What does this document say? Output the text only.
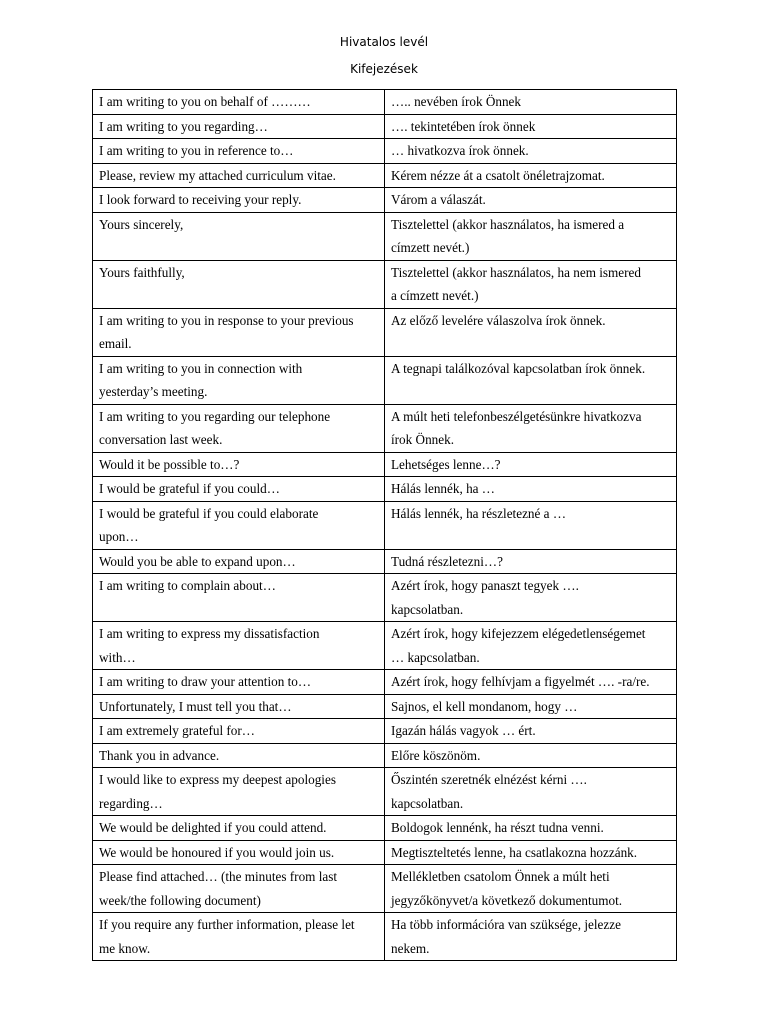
Hivatalos levél
Kifejezések
I am writing to you on behalf of ………	….. nevében írok Önnek
I am writing to you regarding…	…. tekintetében írok önnek
I am writing to you in reference to…	… hivatkozva írok önnek.
Please, review my attached curriculum vitae.	Kérem nézze át a csatolt önéletrajzomat.
I look forward to receiving your reply.	Várom a válaszát.
Yours sincerely,	Tisztelettel (akkor használatos, ha ismered a
címzett nevét.)
Yours faithfully,	Tisztelettel (akkor használatos, ha nem ismered
a címzett nevét.)
I am writing to you in response to your previous
email.	Az előző levelére válaszolva írok önnek.
I am writing to you in connection with
yesterday’s meeting.	A tegnapi találkozóval kapcsolatban írok önnek.
I am writing to you regarding our telephone
conversation last week.	A múlt heti telefonbeszélgetésünkre hivatkozva
írok Önnek.
Would it be possible to…?	Lehetséges lenne…?
I would be grateful if you could…	Hálás lennék, ha …
I would be grateful if you could elaborate
upon…	Hálás lennék, ha részletezné a …
Would you be able to expand upon…	Tudná részletezni…?
I am writing to complain about…	Azért írok, hogy panaszt tegyek ….
kapcsolatban.
I am writing to express my dissatisfaction
with…	Azért írok, hogy kifejezzem elégedetlenségemet
… kapcsolatban.
I am writing to draw your attention to…	Azért írok, hogy felhívjam a figyelmét …. -ra/re.
Unfortunately, I must tell you that…	Sajnos, el kell mondanom, hogy …
I am extremely grateful for…	Igazán hálás vagyok … ért.
Thank you in advance.	Előre köszönöm.
I would like to express my deepest apologies
regarding…	Őszintén szeretnék elnézést kérni ….
kapcsolatban.
We would be delighted if you could attend.	Boldogok lennénk, ha részt tudna venni.
We would be honoured if you would join us.	Megtiszteltetés lenne, ha csatlakozna hozzánk.
Please find attached… (the minutes from last
week/the following document)	Mellékletben csatolom Önnek a múlt heti
jegyzőkönyvet/a következő dokumentumot.
If you require any further information, please let
me know.	Ha több információra van szüksége, jelezze
nekem.
